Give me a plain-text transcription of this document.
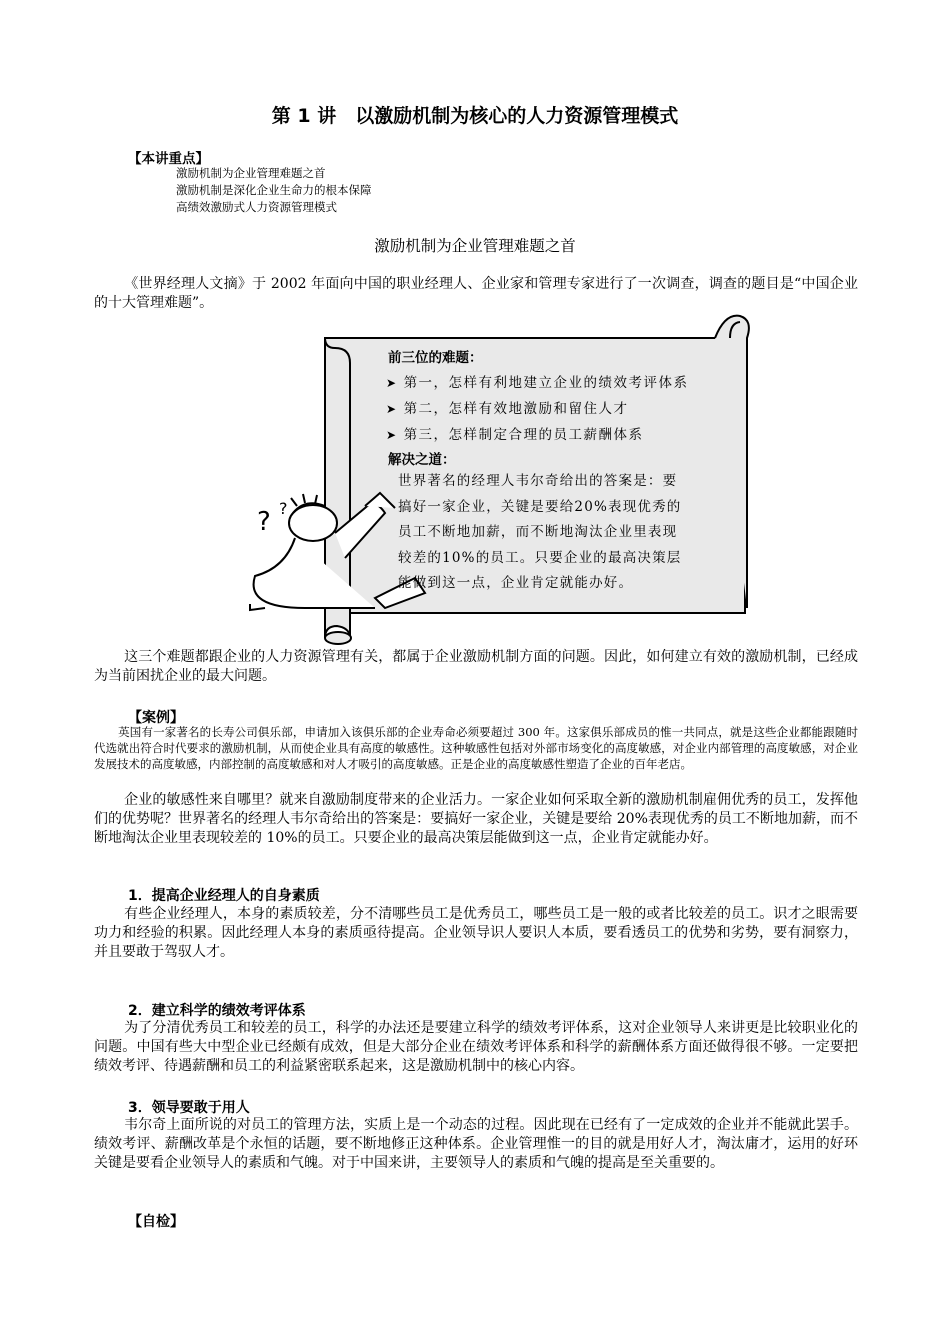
第 1 讲　以激励机制为核心的人力资源管理模式
【本讲重点】
激励机制为企业管理难题之首
激励机制是深化企业生命力的根本保障
高绩效激励式人力资源管理模式
激励机制为企业管理难题之首
《世界经理人文摘》于 2002 年面向中国的职业经理人、企业家和管理专家进行了一次调查，调查的题目是“中国企业的十大管理难题”。
? ?
前三位的难题：
➤ 第一，怎样有利地建立企业的绩效考评体系
➤ 第二，怎样有效地激励和留住人才
➤ 第三，怎样制定合理的员工薪酬体系
解决之道：
世界著名的经理人韦尔奇给出的答案是：要
搞好一家企业，关键是要给20%表现优秀的
员工不断地加薪，而不断地淘汰企业里表现
较差的10%的员工。只要企业的最高决策层
能做到这一点，企业肯定就能办好。
这三个难题都跟企业的人力资源管理有关，都属于企业激励机制方面的问题。因此，如何建立有效的激励机制，已经成为当前困扰企业的最大问题。
【案例】
英国有一家著名的长寿公司俱乐部，申请加入该俱乐部的企业寿命必须要超过 300 年。这家俱乐部成员的惟一共同点，就是这些企业都能跟随时代选就出符合时代要求的激励机制，从而使企业具有高度的敏感性。这种敏感性包括对外部市场变化的高度敏感，对企业内部管理的高度敏感，对企业发展技术的高度敏感，内部控制的高度敏感和对人才吸引的高度敏感。正是企业的高度敏感性塑造了企业的百年老店。
企业的敏感性来自哪里？就来自激励制度带来的企业活力。一家企业如何采取全新的激励机制雇佣优秀的员工，发挥他们的优势呢？世界著名的经理人韦尔奇给出的答案是：要搞好一家企业，关键是要给 20%表现优秀的员工不断地加薪，而不断地淘汰企业里表现较差的 10%的员工。只要企业的最高决策层能做到这一点，企业肯定就能办好。
1．提高企业经理人的自身素质
有些企业经理人，本身的素质较差，分不清哪些员工是优秀员工，哪些员工是一般的或者比较差的员工。识才之眼需要功力和经验的积累。因此经理人本身的素质亟待提高。企业领导识人要识人本质，要看透员工的优势和劣势，要有洞察力，并且要敢于驾驭人才。
2．建立科学的绩效考评体系
为了分清优秀员工和较差的员工，科学的办法还是要建立科学的绩效考评体系，这对企业领导人来讲更是比较职业化的问题。中国有些大中型企业已经颇有成效，但是大部分企业在绩效考评体系和科学的薪酬体系方面还做得很不够。一定要把绩效考评、待遇薪酬和员工的利益紧密联系起来，这是激励机制中的核心内容。
3．领导要敢于用人
韦尔奇上面所说的对员工的管理方法，实质上是一个动态的过程。因此现在已经有了一定成效的企业并不能就此罢手。绩效考评、薪酬改革是个永恒的话题，要不断地修正这种体系。企业管理惟一的目的就是用好人才，淘汰庸才，运用的好环关键是要看企业领导人的素质和气魄。对于中国来讲，主要领导人的素质和气魄的提高是至关重要的。
【自检】
